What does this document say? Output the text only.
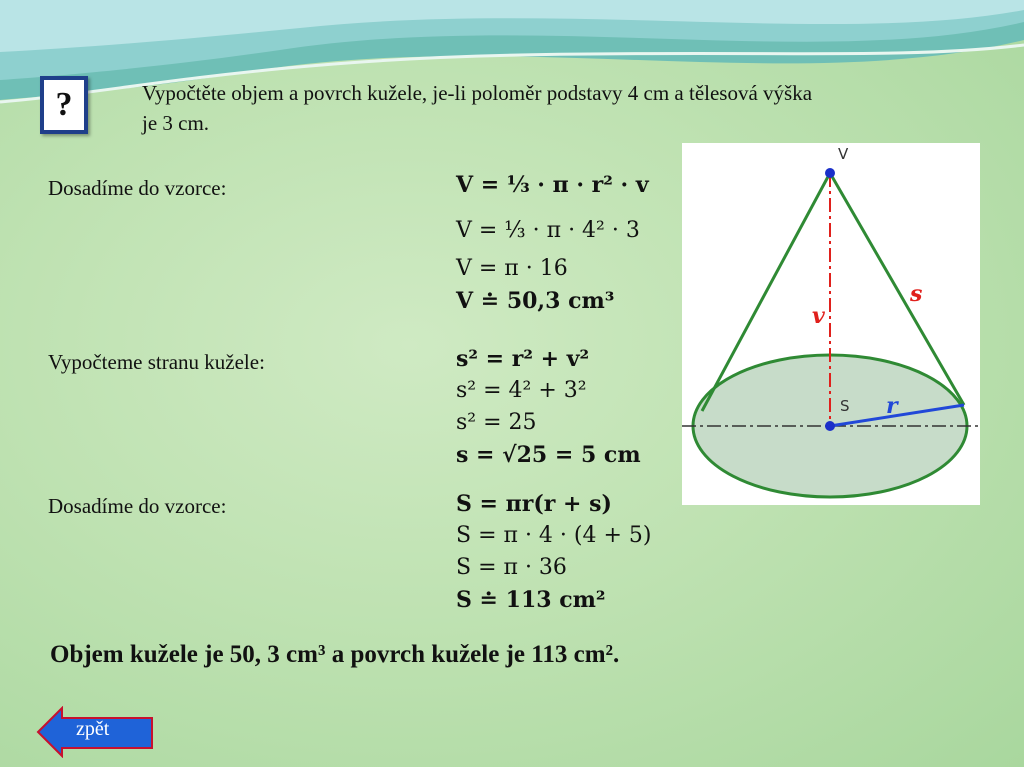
?	Vypočtěte objem a povrch kužele, je-li poloměr podstavy 4 cm a tělesová výška
je 3 cm.
Dosadíme do vzorce:	V = ⅓ · π · r² · v
V = ⅓ · π · 4² · 3
V = π · 16
V ≐ 50,3 cm³
Vypočteme stranu kužele:	s² = r² + v²
s² = 4² + 3²
s² = 25
s = √25 = 5 cm
Dosadíme do vzorce:	S = πr(r + s)
S = π · 4 · (4 + 5)
S = π · 36
S ≐ 113 cm²
V
v
s
S r
Objem kužele je 50, 3 cm³ a povrch kužele je 113 cm².
zpět
